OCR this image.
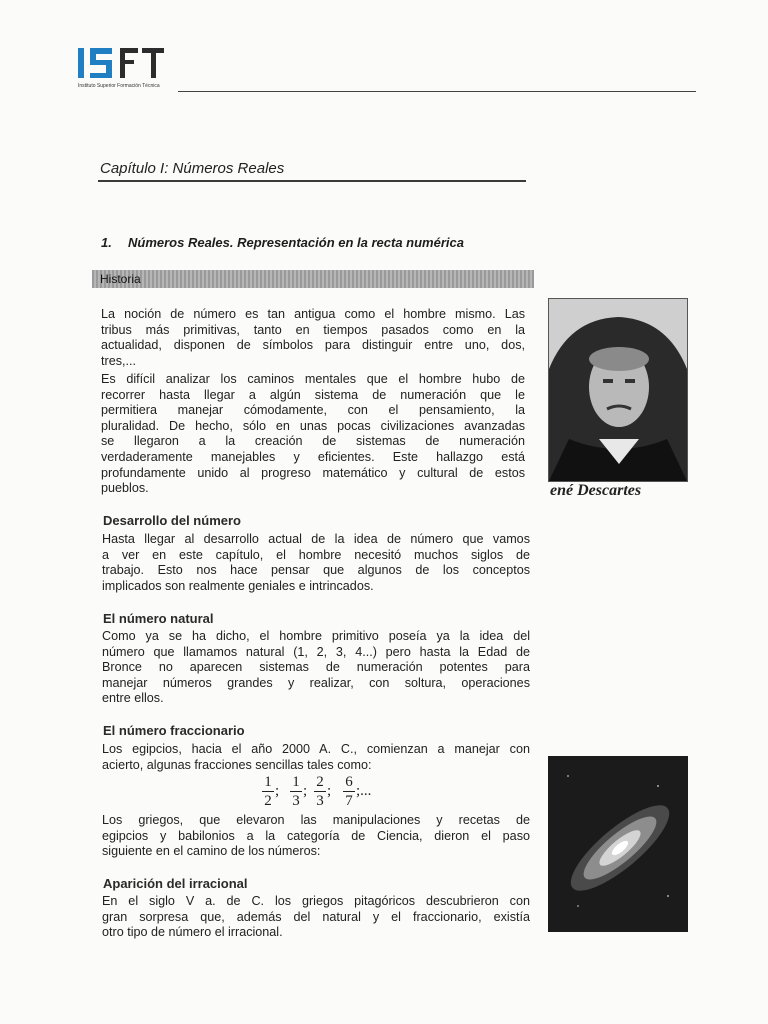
Instituto Superior Formación Técnica
Capítulo I: Números Reales
1. Números Reales. Representación en la recta numérica
Historia
La noción de número es tan antigua como el hombre mismo. Las
tribus más primitivas, tanto en tiempos pasados como en la
actualidad, disponen de símbolos para distinguir entre uno, dos,
tres,...
Es difícil analizar los caminos mentales que el hombre hubo de
recorrer hasta llegar a algún sistema de numeración que le
permitiera manejar cómodamente, con el pensamiento, la
pluralidad. De hecho, sólo en unas pocas civilizaciones avanzadas
se llegaron a la creación de sistemas de numeración
verdaderamente manejables y eficientes. Este hallazgo está
profundamente unido al progreso matemático y cultural de estos
pueblos.	ené Descartes
Desarrollo del número
Hasta llegar al desarrollo actual de la idea de número que vamos
a ver en este capítulo, el hombre necesitó muchos siglos de
trabajo. Esto nos hace pensar que algunos de los conceptos
implicados son realmente geniales e intrincados.
El número natural
Como ya se ha dicho, el hombre primitivo poseía ya la idea del
número que llamamos natural (1, 2, 3, 4...) pero hasta la Edad de
Bronce no aparecen sistemas de numeración potentes para
manejar números grandes y realizar, con soltura, operaciones
entre ellos.
El número fraccionario
Los egipcios, hacia el año 2000 A. C., comienzan a manejar con
acierto, algunas fracciones sencillas tales como:
1
2
;
1
3
;
2
3
;
6
7
;...
Los griegos, que elevaron las manipulaciones y recetas de
egipcios y babilonios a la categoría de Ciencia, dieron el paso
siguiente en el camino de los números:
Aparición del irracional
En el siglo V a. de C. los griegos pitagóricos descubrieron con
gran sorpresa que, además del natural y el fraccionario, existía
otro tipo de número el irracional.
